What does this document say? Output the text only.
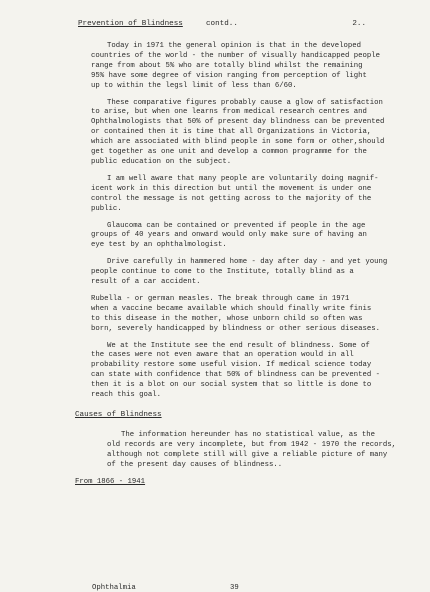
Prevention of Blindness	contd..	2..
Today in 1971 the general opinion is that in the developed
countries of the world - the number of visually handicapped people
range from about 5% who are totally blind whilst the remaining
95% have some degree of vision ranging from perception of light
up to within the legsl limit of less than 6/60.
These comparative figures probably cause a glow of satisfaction
to arise, but when one learns from medical research centres and
Ophthalmologists that 50% of present day blindness can be prevented
or contained then it is time that all Organizations in Victoria,
which are associated with blind people in some form or other,should
get together as one unit and develop a common programme for the
public education on the subject.
I am well aware that many people are voluntarily doing magnif-
icent work in this direction but until the movement is under one
control the message is not getting across to the majority of the
public.
Glaucoma can be contained or prevented if people in the age
groups of 40 years and onward would only make sure of having an
eye test by an ophthalmologist.
Drive carefully in hammered home - day after day - and yet young
people continue to come to the Institute, totally blind as a
result of a car accident.
Rubella - or german measles. The break through came in 1971
when a vaccine became available which should finally write finis
to this disease in the mother, whose unborn child so often was
born, severely handicapped by blindness or other serious diseases.
We at the Institute see the end result of blindness. Some of
the cases were not even aware that an operation would in all
probability restore some useful vision. If medical science today
can state with confidence that 50% of blindness can be prevented -
then it is a blot on our social system that so little is done to
reach this goal.
Causes of Blindness
The information hereunder has no statistical value, as the
old records are very incomplete, but from 1942 - 1970 the records,
although not complete still will give a reliable picture of many
of the present day causes of blindness..
From 1866 - 1941
Ophthalmia	39
